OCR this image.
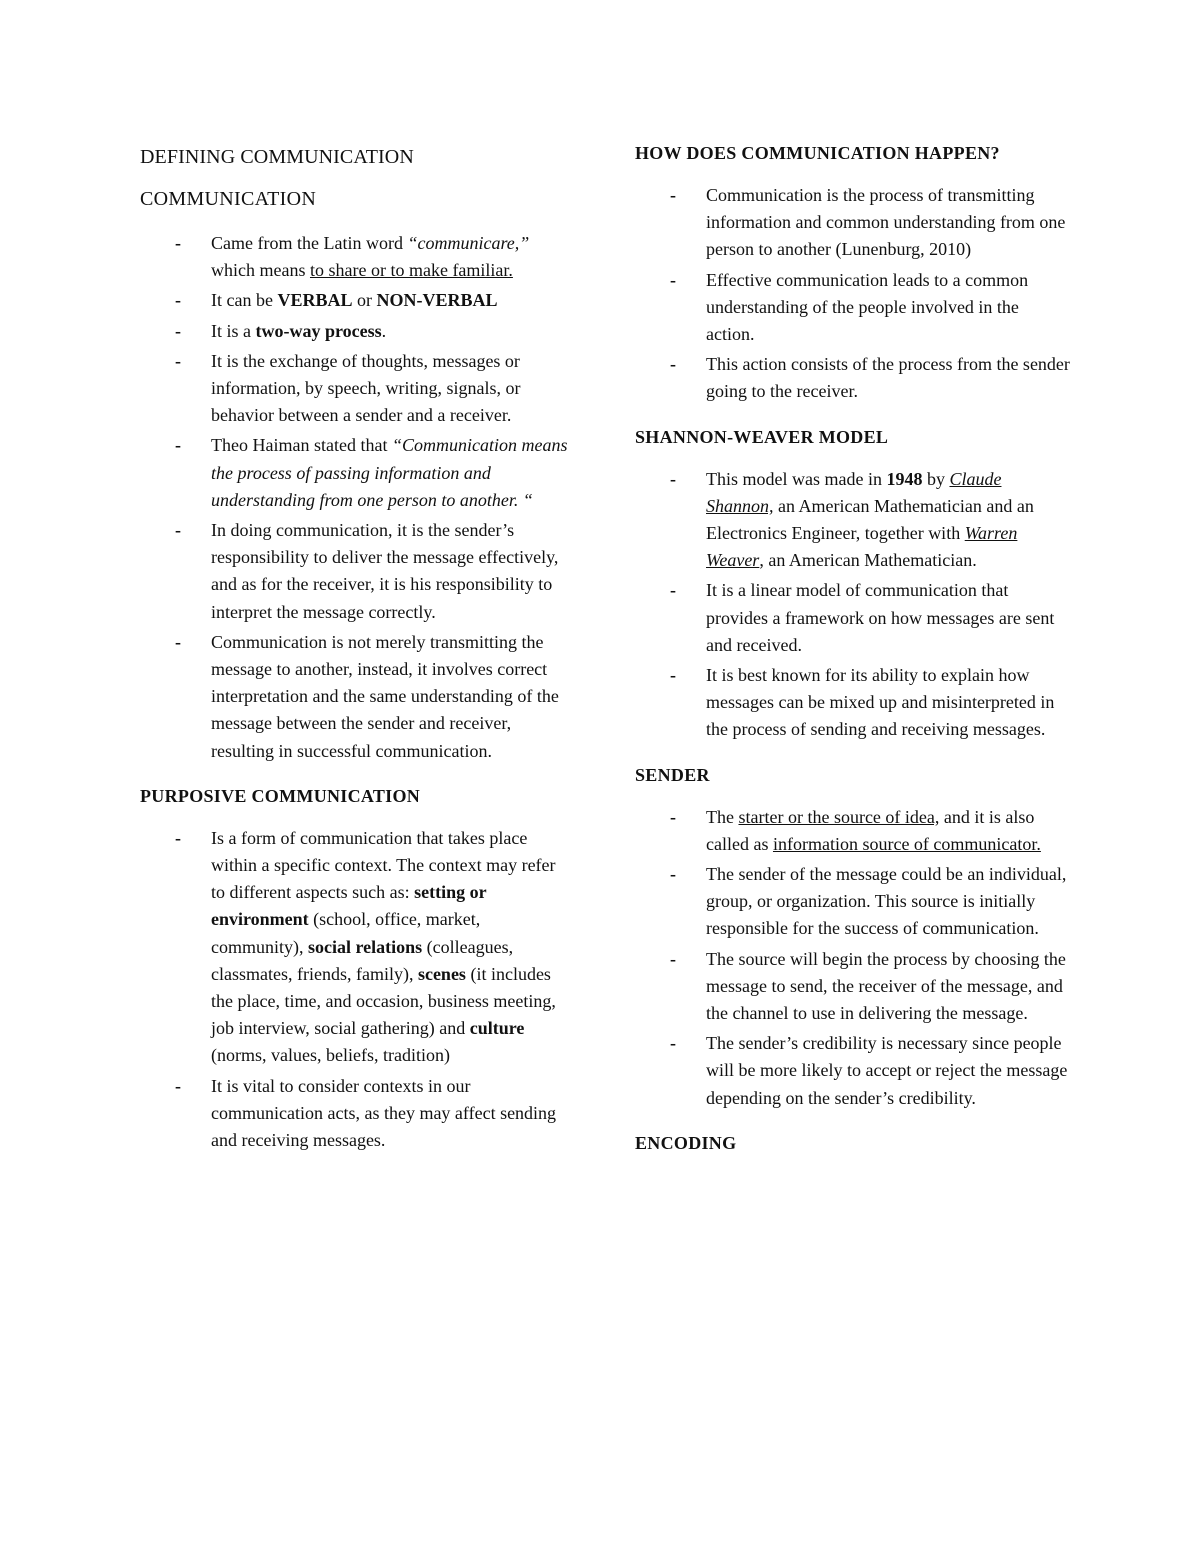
DEFINING COMMUNICATION
COMMUNICATION
- Came from the Latin word “communicare,” which means to share or to make familiar.
- It can be VERBAL or NON-VERBAL
- It is a two-way process.
- It is the exchange of thoughts, messages or information, by speech, writing, signals, or behavior between a sender and a receiver.
- Theo Haiman stated that “Communication means the process of passing information and understanding from one person to another. “
- In doing communication, it is the sender’s responsibility to deliver the message effectively, and as for the receiver, it is his responsibility to interpret the message correctly.
- Communication is not merely transmitting the message to another, instead, it involves correct interpretation and the same understanding of the message between the sender and receiver, resulting in successful communication.
PURPOSIVE COMMUNICATION
- Is a form of communication that takes place within a specific context. The context may refer to different aspects such as: setting or environment (school, office, market, community), social relations (colleagues, classmates, friends, family), scenes (it includes the place, time, and occasion, business meeting, job interview, social gathering) and culture (norms, values, beliefs, tradition)
- It is vital to consider contexts in our communication acts, as they may affect sending and receiving messages.
HOW DOES COMMUNICATION HAPPEN?
- Communication is the process of transmitting information and common understanding from one person to another (Lunenburg, 2010)
- Effective communication leads to a common understanding of the people involved in the action.
- This action consists of the process from the sender going to the receiver.
SHANNON-WEAVER MODEL
- This model was made in 1948 by Claude Shannon, an American Mathematician and an Electronics Engineer, together with Warren Weaver, an American Mathematician.
- It is a linear model of communication that provides a framework on how messages are sent and received.
- It is best known for its ability to explain how messages can be mixed up and misinterpreted in the process of sending and receiving messages.
SENDER
- The starter or the source of idea, and it is also called as information source of communicator.
- The sender of the message could be an individual, group, or organization. This source is initially responsible for the success of communication.
- The source will begin the process by choosing the message to send, the receiver of the message, and the channel to use in delivering the message.
- The sender’s credibility is necessary since people will be more likely to accept or reject the message depending on the sender’s credibility.
ENCODING
